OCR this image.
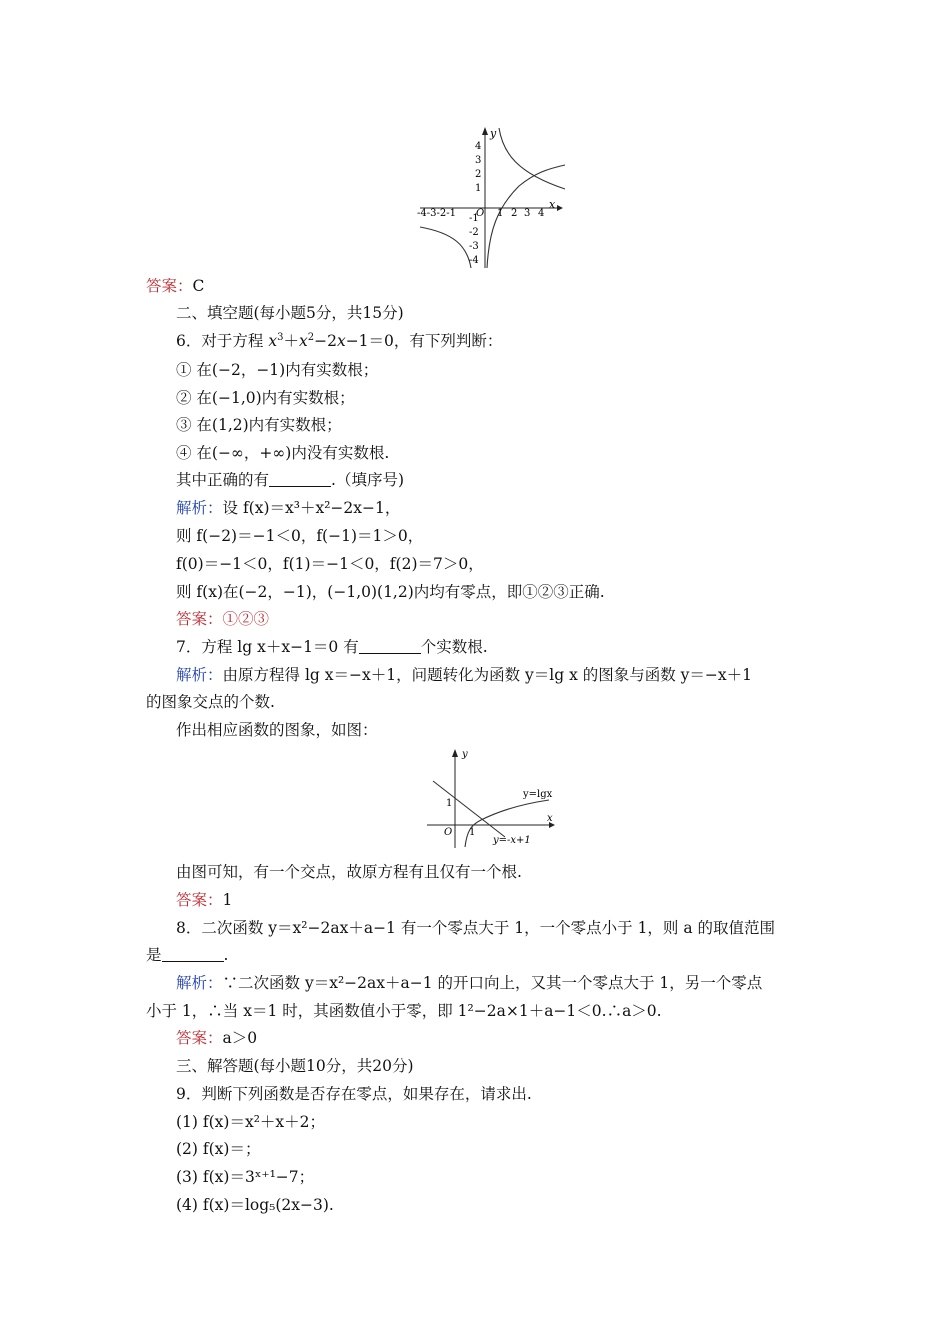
y
x
4
3
2
1
-1
-2
-3
-4
-4-3-2-1 O 1 2 3 4
答案：C
二、填空题(每小题5分，共15分)
6．对于方程 $x^3+x^2-2x-1=0$，有下列判断：
① 在(−2，−1)内有实数根；
② 在(−1,0)内有实数根；
③ 在(1,2)内有实数根；
④ 在(−∞，+∞)内没有实数根.
其中正确的有	.（填序号)
解析：设 f(x)＝x³＋x²−2x−1，
则 f(−2)＝−1＜0，f(−1)＝1＞0，
f(0)＝−1＜0，f(1)＝−1＜0，f(2)＝7＞0，
则 f(x)在(−2，−1)，(−1,0)(1,2)内均有零点，即①②③正确.
答案：①②③
7．方程 lg x＋x−1＝0 有	个实数根.
解析：由原方程得 lg x＝−x＋1，问题转化为函数 y＝lg x 的图象与函数 y＝−x＋1
的图象交点的个数.
作出相应函数的图象，如图：
y
x
O
1
1
y=lgx
y=-x+1
由图可知，有一个交点，故原方程有且仅有一个根.
答案：1
8．二次函数 y＝x²−2ax＋a−1 有一个零点大于 1，一个零点小于 1，则 a 的取值范围
是	.
解析：∵二次函数 y＝x²−2ax＋a−1 的开口向上，又其一个零点大于 1，另一个零点
小于 1，∴当 x＝1 时，其函数值小于零，即 1²−2a×1＋a−1＜0.∴a＞0.
答案：a＞0
三、解答题(每小题10分，共20分)
9．判断下列函数是否存在零点，如果存在，请求出.
(1) f(x)＝x²＋x＋2；
(2) f(x)＝；
(3) f(x)＝3ˣ⁺¹−7；
(4) f(x)＝log₅(2x−3).
